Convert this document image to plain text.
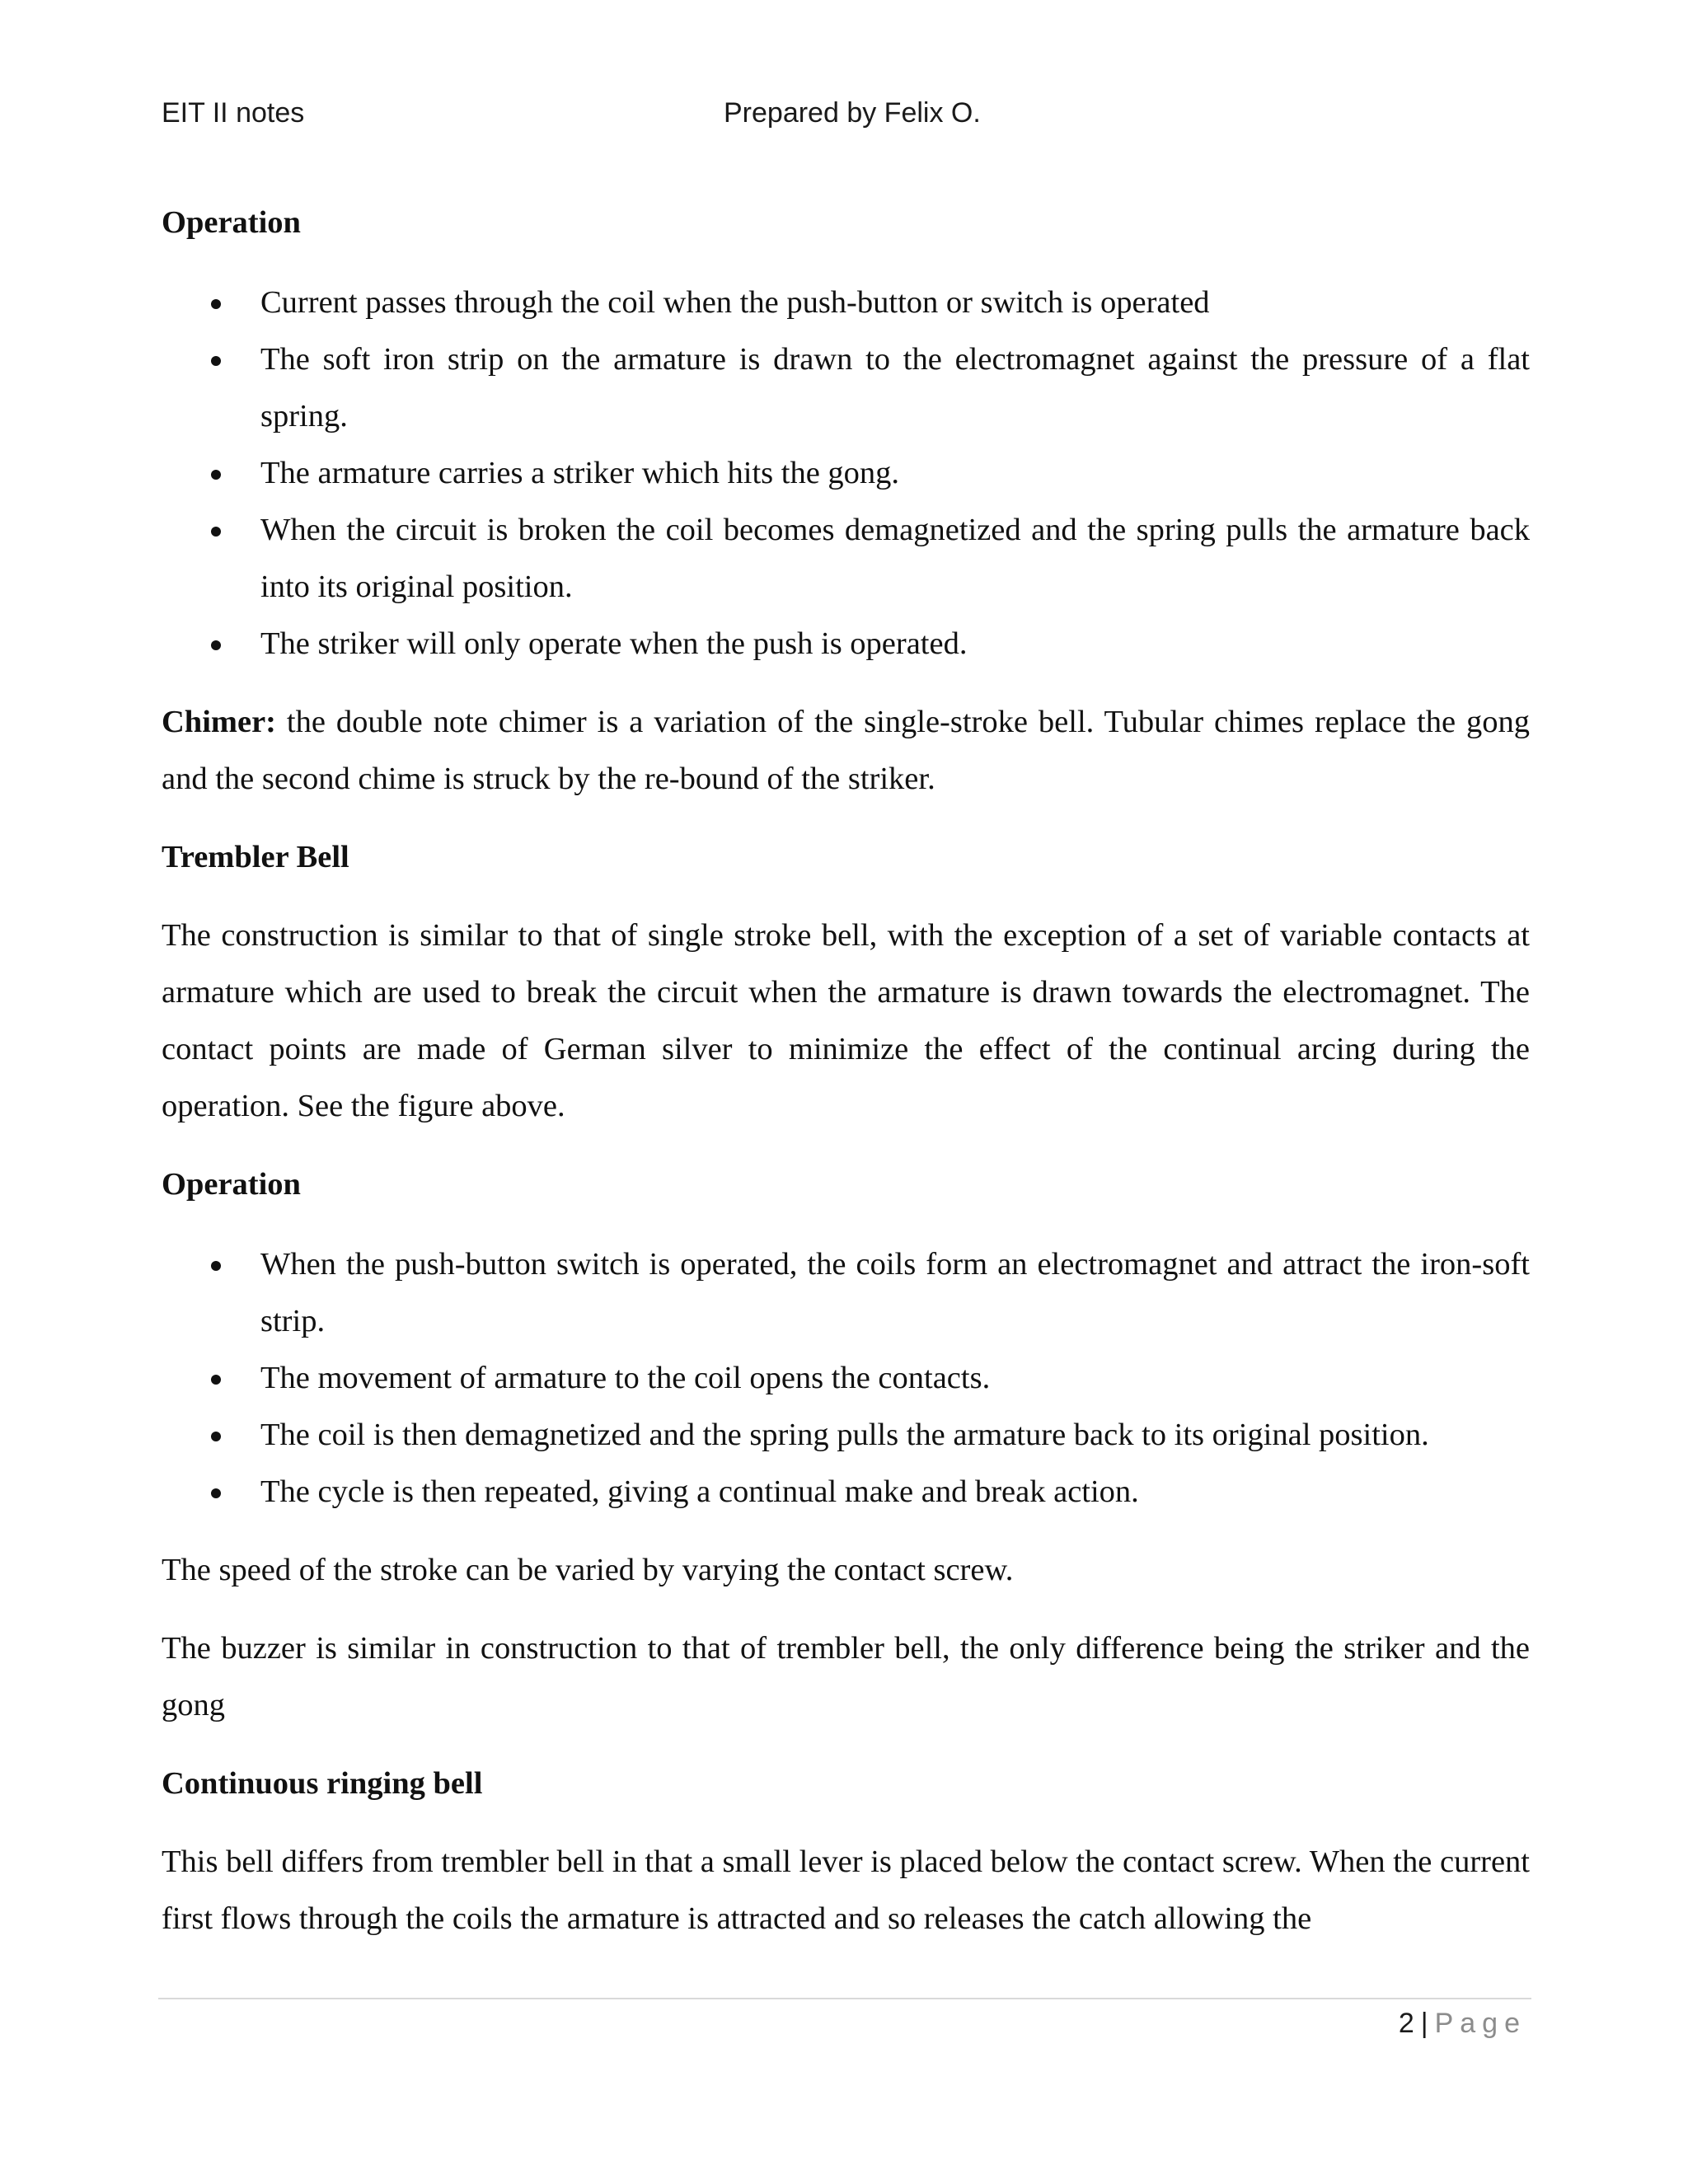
EIT II notes	Prepared by Felix O.

Operation

Current passes through the coil when the push-button or switch is operated
The soft iron strip on the armature is drawn to the electromagnet against the pressure of a flat spring.
The armature carries a striker which hits the gong.
When the circuit is broken the coil becomes demagnetized and the spring pulls the armature back into its original position.
The striker will only operate when the push is operated.

Chimer: the double note chimer is a variation of the single-stroke bell. Tubular chimes replace the gong and the second chime is struck by the re-bound of the striker.

Trembler Bell

The construction is similar to that of single stroke bell, with the exception of a set of variable contacts at armature which are used to break the circuit when the armature is drawn towards the electromagnet. The contact points are made of German silver to minimize the effect of the continual arcing during the operation. See the figure above.

Operation

When the push-button switch is operated, the coils form an electromagnet and attract the iron-soft strip.
The movement of armature to the coil opens the contacts.
The coil is then demagnetized and the spring pulls the armature back to its original position.
The cycle is then repeated, giving a continual make and break action.

The speed of the stroke can be varied by varying the contact screw.

The buzzer is similar in construction to that of trembler bell, the only difference being the striker and the gong

Continuous ringing bell

This bell differs from trembler bell in that a small lever is placed below the contact screw. When the current first flows through the coils the armature is attracted and so releases the catch allowing the

2 | Page
